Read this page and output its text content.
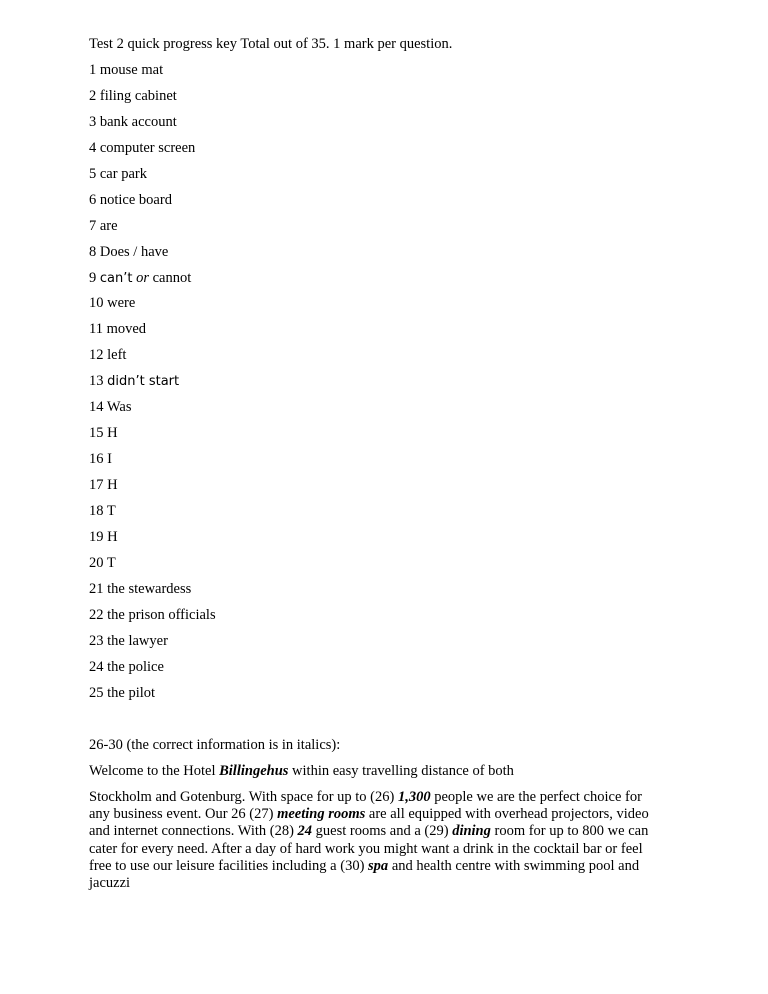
Test 2 quick progress key Total out of 35. 1 mark per question.
1 mouse mat
2 filing cabinet
3 bank account
4 computer screen
5 car park
6 notice board
7 are
8 Does / have
9 can’t or cannot
10 were
11 moved
12 left
13 didn’t start
14 Was
15 H
16 I
17 H
18 T
19 H
20 T
21 the stewardess
22 the prison officials
23 the lawyer
24 the police
25 the pilot
26-30 (the correct information is in italics):
Welcome to the Hotel Billingehus within easy travelling distance of both
Stockholm and Gotenburg. With space for up to (26) 1,300 people we are the perfect choice for
any business event. Our 26 (27) meeting rooms are all equipped with overhead projectors, video
and internet connections. With (28) 24 guest rooms and a (29) dining room for up to 800 we can
cater for every need. After a day of hard work you might want a drink in the cocktail bar or feel
free to use our leisure facilities including a (30) spa and health centre with swimming pool and
jacuzzi
